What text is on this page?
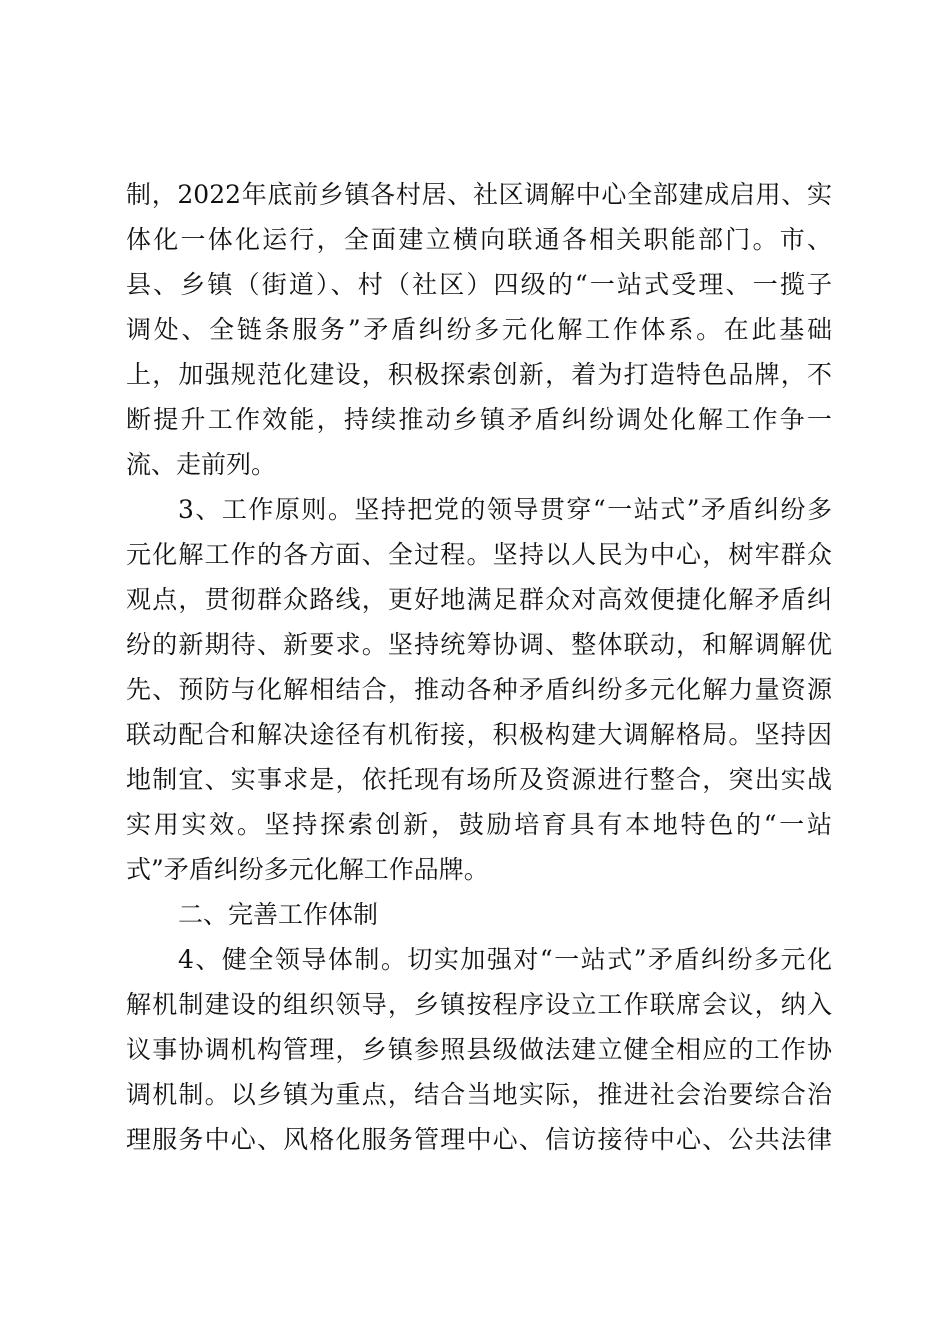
制，2022年底前乡镇各村居、社区调解中心全部建成启用、实
体化一体化运行，全面建立横向联通各相关职能部门。市、
县、乡镇（街道）、村（社区）四级的“一站式受理、一揽子
调处、全链条服务”矛盾纠纷多元化解工作体系。在此基础
上，加强规范化建设，积极探索创新，着为打造特色品牌，不
断提升工作效能，持续推动乡镇矛盾纠纷调处化解工作争一
流、走前列。
3、工作原则。坚持把党的领导贯穿“一站式”矛盾纠纷多
元化解工作的各方面、全过程。坚持以人民为中心，树牢群众
观点，贯彻群众路线，更好地满足群众对高效便捷化解矛盾纠
纷的新期待、新要求。坚持统筹协调、整体联动，和解调解优
先、预防与化解相结合，推动各种矛盾纠纷多元化解力量资源
联动配合和解决途径有机衔接，积极构建大调解格局。坚持因
地制宜、实事求是，依托现有场所及资源进行整合，突出实战
实用实效。坚持探索创新，鼓励培育具有本地特色的“一站
式”矛盾纠纷多元化解工作品牌。
二、完善工作体制
4、健全领导体制。切实加强对“一站式”矛盾纠纷多元化
解机制建设的组织领导，乡镇按程序设立工作联席会议，纳入
议事协调机构管理，乡镇参照县级做法建立健全相应的工作协
调机制。以乡镇为重点，结合当地实际，推进社会治要综合治
理服务中心、风格化服务管理中心、信访接待中心、公共法律
